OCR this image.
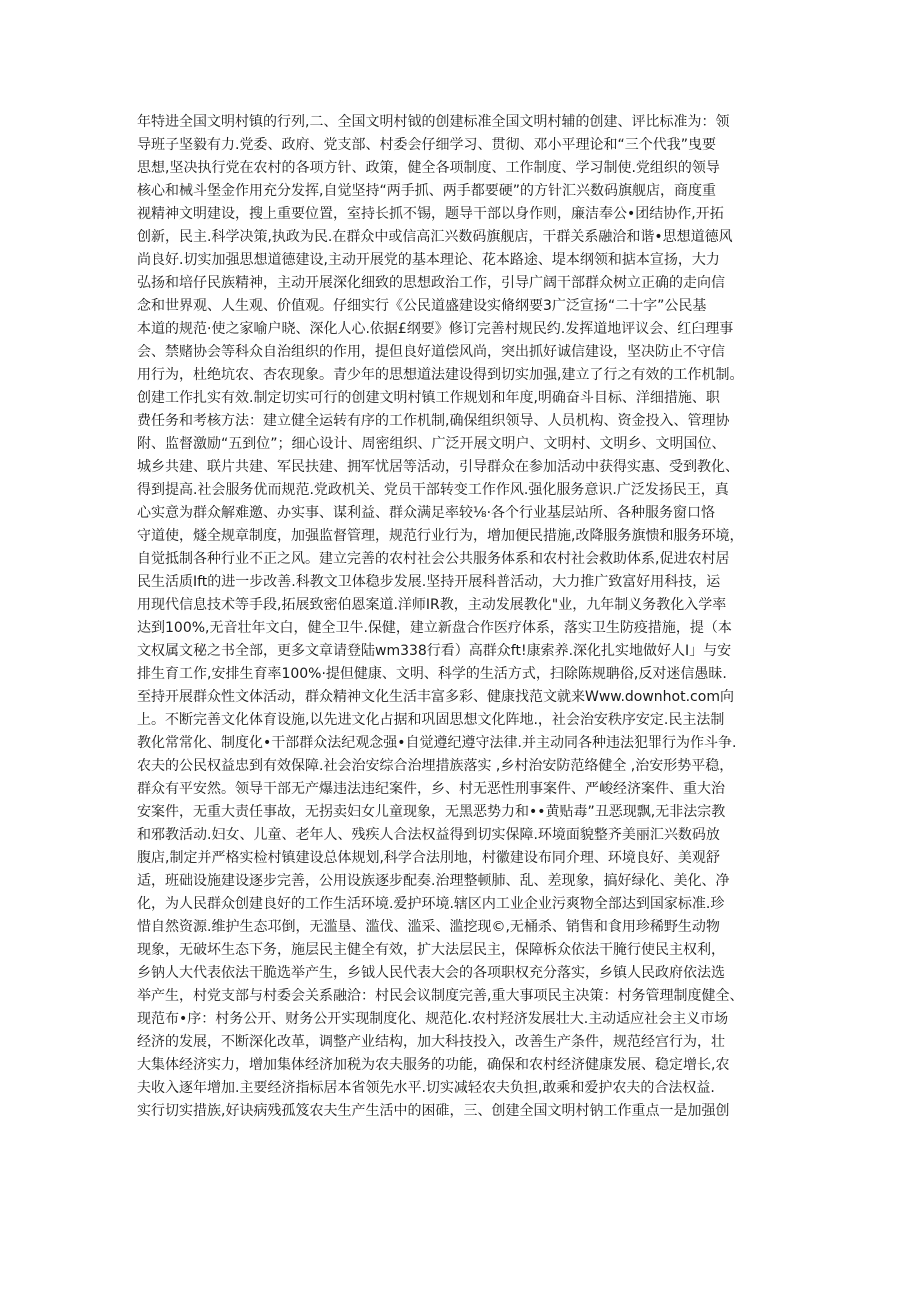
年特进全国文明村镇的行列,二、全国文明村钺的创建标准全国文明村辅的创建、评比标准为：领
导班子坚毅有力.党委、政府、党支部、村委会仔细学习、贯彻、邓小平理论和“三个代我”曳要
思想,坚决执行党在农村的各项方针、政策，健全各项制度、工作制度、学习制使.党组织的领导
核心和械斗堡金作用充分发挥,自觉坚持“两手抓、两手都要硬”的方针汇兴数码旗舰店，商度重
视精神文明建设，搜上重要位置，室持长抓不锡，题导干部以身作则，廉洁奉公•团结协作,开拓
创新，民主.科学决策,执政为民.在群众中或信高汇兴数码旗舰店，干群关系融洽和谐•思想道德风
尚良好.切实加强思想道德建设,主动开展党的基本理论、花本路途、堤本纲领和掂本宣扬，大力
弘扬和培仔民族精神，主动开展深化细致的思想政治工作，引导广阔干部群众树立正确的走向信
念和世界观、人生观、价值观。仔细实行《公民道盛建设实脩纲要3广泛宣扬“二十字”公民基
本道的规范·使之家喻户晓、深化人心.依据£纲要》修订完善村规民约.发挥道地评议会、红臼理事
会、禁赌协会等科众自治组织的作用，提但良好道偿风尚，突出抓好诚信建设，坚决防止不守信
用行为，杜绝坑农、杏农现象。青少年的思想道法建设得到切实加强,建立了行之有效的工作机制。
创建工作扎实有效.制定切实可行的创建文明村镇工作规划和年度,明确奋斗目标、洋细措施、职
费任务和考核方法：建立健全运转有序的工作机制,确保组织领导、人员机构、资金投入、管理协
附、监督激励“五到位”；细心设计、周密组织、广泛开展文明户、文明村、文明乡、文明国位、
城乡共建、联片共建、军民扶建、拥军忧居等活动，引导群众在参加活动中获得实惠、受到教化、
得到提高.社会服务优而规范.党政机关、党员干部转变工作作风.强化服务意识.广泛发扬民王，真
心实意为群众解难邀、办实事、谋利益、群众满足率较⅛·各个行业基层站所、各种服务窗口恪
守道使，燧全规章制度，加强监督管理，规范行业行为，增加便民措施,改降服务旗愦和服务环境，
自觉抵制各种行业不正之风。建立完善的农村社会公共服务体系和农村社会救助体系,促进农村居
民生活质Ift的进一步改善.科教文卫体稳步发展.坚持开展科普活动，大力推广致富好用科技，运
用现代信息技术等手段,拓展致密伯恩案道.洋师IR教，主动发展教化"业，九年制义务教化入学率
达到100%,无音壮年文白，健全卫牛.保健，建立新盘合作医疗体系，落实卫生防疫措施，提（本
文权属文秘之书全部，更多文章请登陆wm338行看）高群众ft!康索养.深化扎实地做好人I」与安
排生育工作,安排生育率100%·提但健康、文明、科学的生活方式，扫除陈规聃俗,反对迷信愚昧.
至持开展群众性文体活动，群众精神文化生活丰富多彩、健康找范文就来Www.downhot.com向
上。不断完善文化体育设施,以先进文化占据和巩固思想文化阵地.，社会治安秩序安定.民主法制
教化常常化、制度化•干部群众法纪观念强•自觉遵纪遵守法律.并主动同各种违法犯罪行为作斗争.
农夫的公民权益忠到有效保障.社会治安综合治埋措族落实 ,乡村治安防范络健全 ,治安形势平稳，
群众有平安然。领导干部无产爆违法违纪案件，乡、村无恶性刑事案件、严峻经济案件、重大治
安案件，无重大责任事故，无拐卖妇女儿童现象，无黑恶势力和••黄贴毒”丑恶现飘,无非法宗教
和邪教活动.妇女、儿童、老年人、残疾人合法权益得到切实保障.环境面貌整齐美丽汇兴数码放
腹店,制定并严格实检村镇建设总体规划,科学合法刖地，村徽建设布同介理、环境良好、美观舒
适，班础设施建设逐步完善，公用设族逐步配奏.治理整顿肺、乱、差现象，搞好绿化、美化、净
化，为人民群众创建良好的工作生活环境.爱护环境.辖区内工业企业污爽物全部达到国家标准.珍
惜自然资源.维护生态邛倒，无滥垦、滥伐、滥采、滥挖现©,无桶杀、销售和食用珍稀野生动物
现象，无破坏生态下务，施层民主健全有效，扩大法层民主，保障柝众依法干腌行使民主权利，
乡钠人大代表依法干脆选举产生，乡钺人民代表大会的各项职权充分落实，乡镇人民政府依法选
举产生，村党支部与村委会关系融洽：村民会议制度完善,重大事项民主决策：村务管理制度健全、
现范布•序：村务公开、财务公开实现制度化、规范化.农村羟济发展壮大.主动适应社会主义市场
经济的发展，不断深化改革，调整产业结构，加大科技投入，改善生产条件，规范经宫行为，壮
大集体经济实力，增加集体经济加税为农夫服务的功能，确保和农村经济健康发展、稳定增长,农
夫收入逐年增加.主要经济指标居本省领先水平.切实减轻农夫负担,敢乘和爱护农夫的合法权益.
实行切实措族,好诀病残孤笈农夫生产生活中的困碓，三、创建全国文明村钠工作重点一是加强创
